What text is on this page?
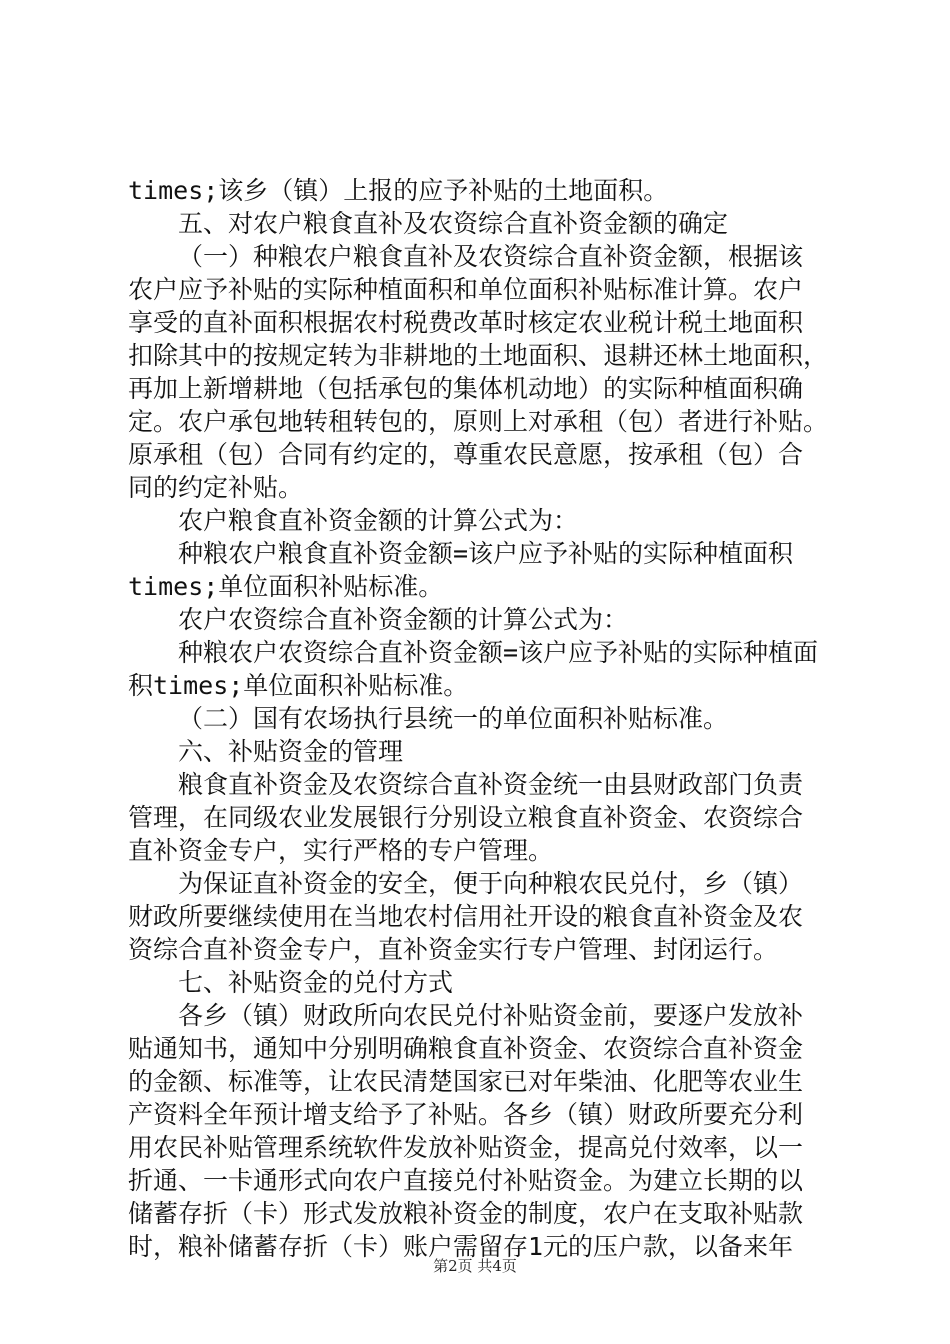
times;该乡（镇）上报的应予补贴的土地面积。
五、对农户粮食直补及农资综合直补资金额的确定
（一）种粮农户粮食直补及农资综合直补资金额，根据该
农户应予补贴的实际种植面积和单位面积补贴标准计算。农户
享受的直补面积根据农村税费改革时核定农业税计税土地面积
扣除其中的按规定转为非耕地的土地面积、退耕还林土地面积，
再加上新增耕地（包括承包的集体机动地）的实际种植面积确
定。农户承包地转租转包的，原则上对承租（包）者进行补贴。
原承租（包）合同有约定的，尊重农民意愿，按承租（包）合
同的约定补贴。
农户粮食直补资金额的计算公式为：
种粮农户粮食直补资金额=该户应予补贴的实际种植面积
times;单位面积补贴标准。
农户农资综合直补资金额的计算公式为：
种粮农户农资综合直补资金额=该户应予补贴的实际种植面
积times;单位面积补贴标准。
（二）国有农场执行县统一的单位面积补贴标准。
六、补贴资金的管理
粮食直补资金及农资综合直补资金统一由县财政部门负责
管理，在同级农业发展银行分别设立粮食直补资金、农资综合
直补资金专户，实行严格的专户管理。
为保证直补资金的安全，便于向种粮农民兑付，乡（镇）
财政所要继续使用在当地农村信用社开设的粮食直补资金及农
资综合直补资金专户，直补资金实行专户管理、封闭运行。
七、补贴资金的兑付方式
各乡（镇）财政所向农民兑付补贴资金前，要逐户发放补
贴通知书，通知中分别明确粮食直补资金、农资综合直补资金
的金额、标准等，让农民清楚国家已对年柴油、化肥等农业生
产资料全年预计增支给予了补贴。各乡（镇）财政所要充分利
用农民补贴管理系统软件发放补贴资金，提高兑付效率，以一
折通、一卡通形式向农户直接兑付补贴资金。为建立长期的以
储蓄存折（卡）形式发放粮补资金的制度，农户在支取补贴款
时，粮补储蓄存折（卡）账户需留存1元的压户款，以备来年
第2页 共4页
